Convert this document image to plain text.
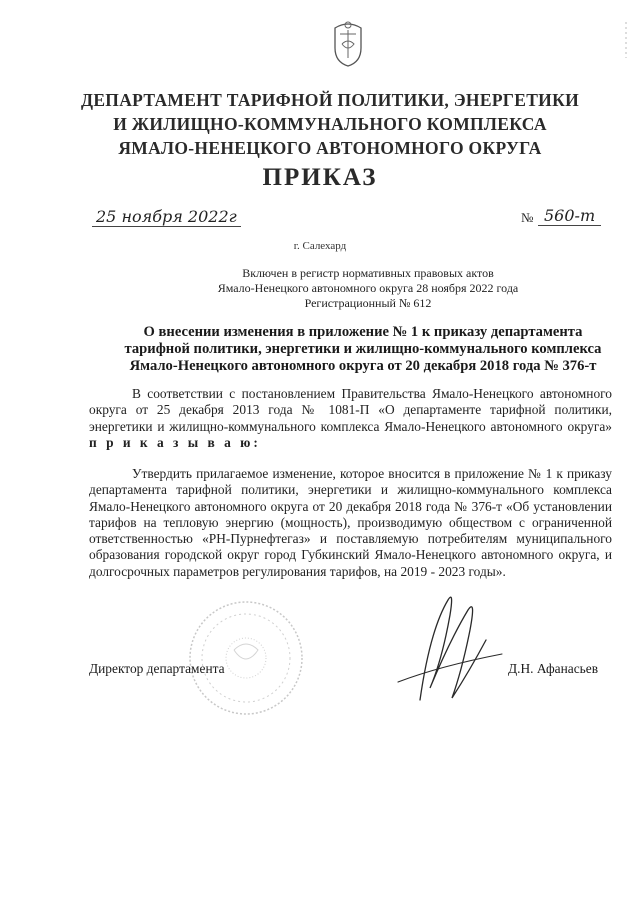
ДЕПАРТАМЕНТ ТАРИФНОЙ ПОЛИТИКИ, ЭНЕРГЕТИКИ
И ЖИЛИЩНО-КОММУНАЛЬНОГО КОМПЛЕКСА
ЯМАЛО-НЕНЕЦКОГО АВТОНОМНОГО ОКРУГА
ПРИКАЗ
25 ноября 2022г	№ 560-т
г. Салехард
Включен в регистр нормативных правовых актов
Ямало-Ненецкого автономного округа 28 ноября 2022 года
Регистрационный № 612
О внесении изменения в приложение № 1 к приказу департамента
тарифной политики, энергетики и жилищно-коммунального комплекса
Ямало-Ненецкого автономного округа от 20 декабря 2018 года № 376-т
В соответствии с постановлением Правительства Ямало-Ненецкого автономного округа от 25 декабря 2013 года № 1081-П «О департаменте тарифной политики, энергетики и жилищно-коммунального комплекса Ямало-Ненецкого автономного округа» п р и к а з ы в а ю:
Утвердить прилагаемое изменение, которое вносится в приложение № 1 к приказу департамента тарифной политики, энергетики и жилищно-коммунального комплекса Ямало-Ненецкого автономного округа от 20 декабря 2018 года № 376-т «Об установлении тарифов на тепловую энергию (мощность), производимую обществом с ограниченной ответственностью «РН-Пурнефтегаз» и поставляемую потребителям муниципального образования городской округ город Губкинский Ямало-Ненецкого автономного округа, и долгосрочных параметров регулирования тарифов, на 2019 - 2023 годы».
Директор департамента	Д.Н. Афанасьев
